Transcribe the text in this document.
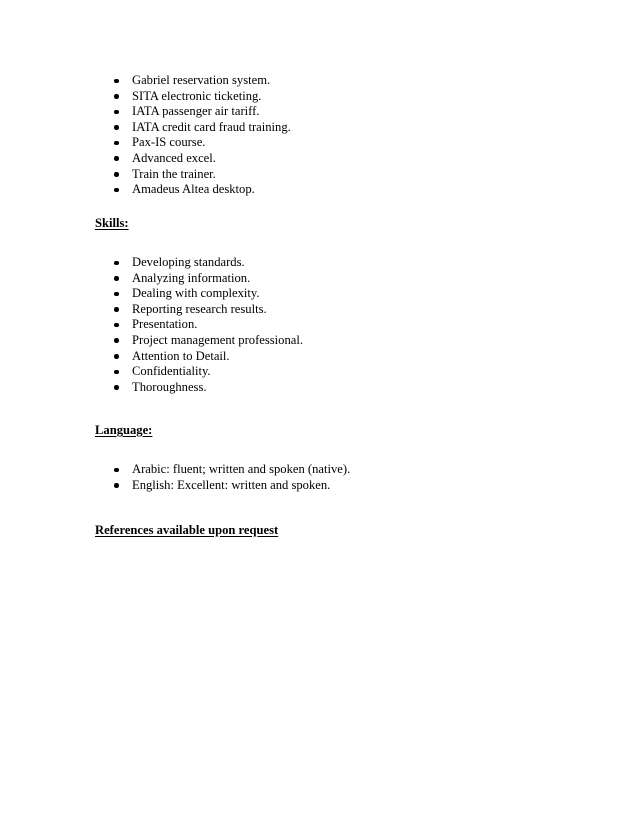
Gabriel reservation system.
SITA electronic ticketing.
IATA passenger air tariff.
IATA credit card fraud training.
Pax-IS course.
Advanced excel.
Train the trainer.
Amadeus Altea desktop.
Skills:
Developing standards.
Analyzing information.
Dealing with complexity.
Reporting research results.
Presentation.
Project management professional.
Attention to Detail.
Confidentiality.
Thoroughness.
Language:
Arabic: fluent; written and spoken (native).
English: Excellent: written and spoken.
References available upon request
